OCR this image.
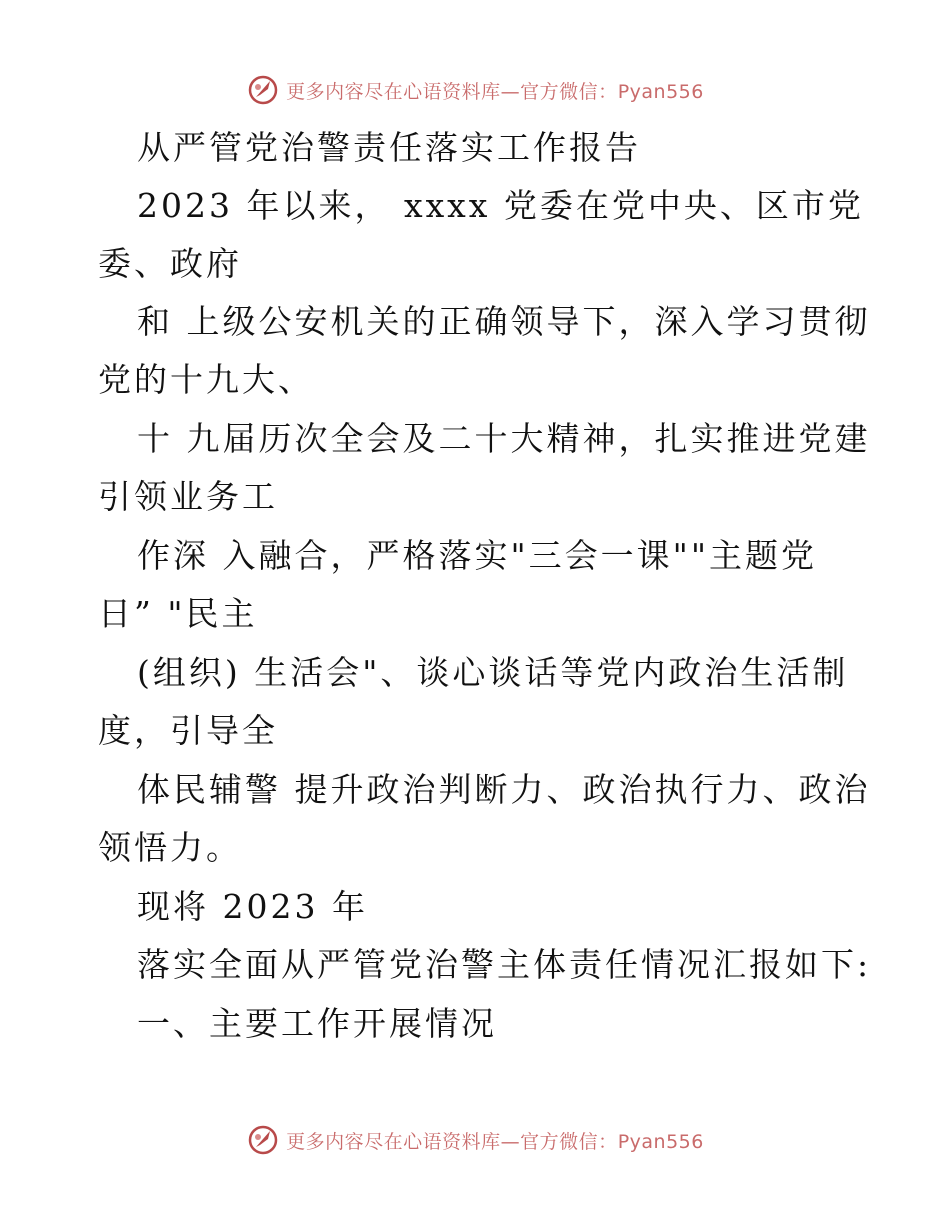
更多内容尽在心语资料库—官方微信：Pyan556
从严管党治警责任落实工作报告
2023 年以来， xxxx 党委在党中央、区市党
委、政府
和 上级公安机关的正确领导下，深入学习贯彻
党的十九大、
十 九届历次全会及二十大精神，扎实推进党建
引领业务工
作深 入融合，严格落实"三会一课""主题党
日” "民主
(组织) 生活会"、谈心谈话等党内政治生活制
度，引导全
体民辅警 提升政治判断力、政治执行力、政治
领悟力。
现将 2023 年
落实全面从严管党治警主体责任情况汇报如下:
一、主要工作开展情况
更多内容尽在心语资料库—官方微信：Pyan556
